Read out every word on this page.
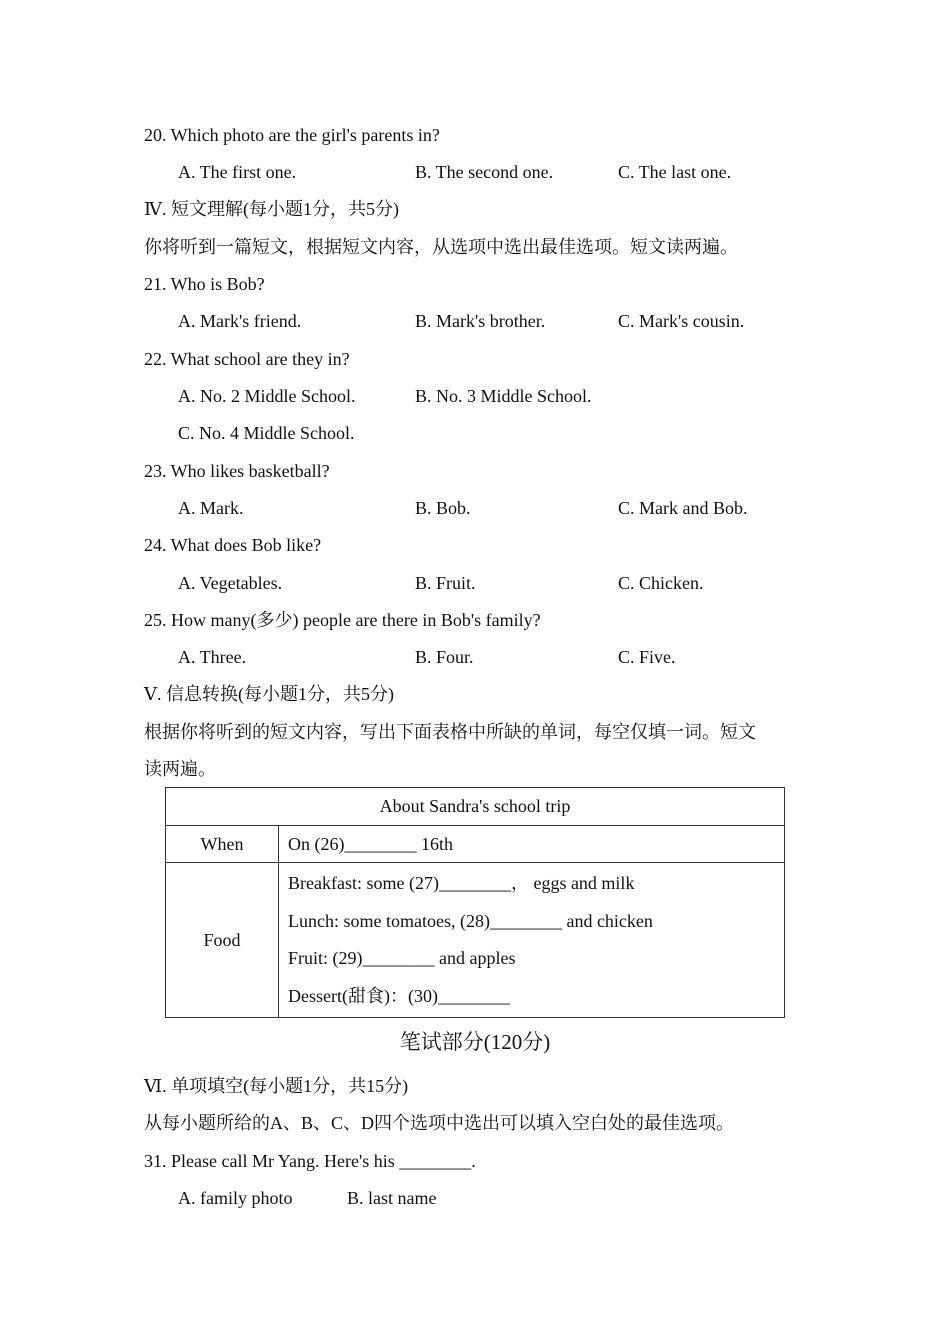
20. Which photo are the girl's parents in?
A. The first one.	B. The second one.	C. The last one.
Ⅳ. 短文理解(每小题1分，共5分)
你将听到一篇短文，根据短文内容，从选项中选出最佳选项。短文读两遍。
21. Who is Bob?
A. Mark's friend.	B. Mark's brother.	C. Mark's cousin.
22. What school are they in?
A. No. 2 Middle School.	B. No. 3 Middle School.
C. No. 4 Middle School.
23. Who likes basketball?
A. Mark.	B. Bob.	C. Mark and Bob.
24. What does Bob like?
A. Vegetables.	B. Fruit.	C. Chicken.
25. How many(多少) people are there in Bob's family?
A. Three.	B. Four.	C. Five.
Ⅴ. 信息转换(每小题1分，共5分)
根据你将听到的短文内容，写出下面表格中所缺的单词，每空仅填一词。短文
读两遍。
About Sandra's school trip	
When	On (26)________ 16th
Food	Breakfast: some (27)________， eggs and milk
Lunch: some tomatoes, (28)________ and chicken
Fruit: (29)________ and apples
Dessert(甜食)：(30)________
笔试部分(120分)
Ⅵ. 单项填空(每小题1分，共15分)
从每小题所给的A、B、C、D四个选项中选出可以填入空白处的最佳选项。
31. Please call Mr Yang. Here's his ________.
A. family photo	B. last name
